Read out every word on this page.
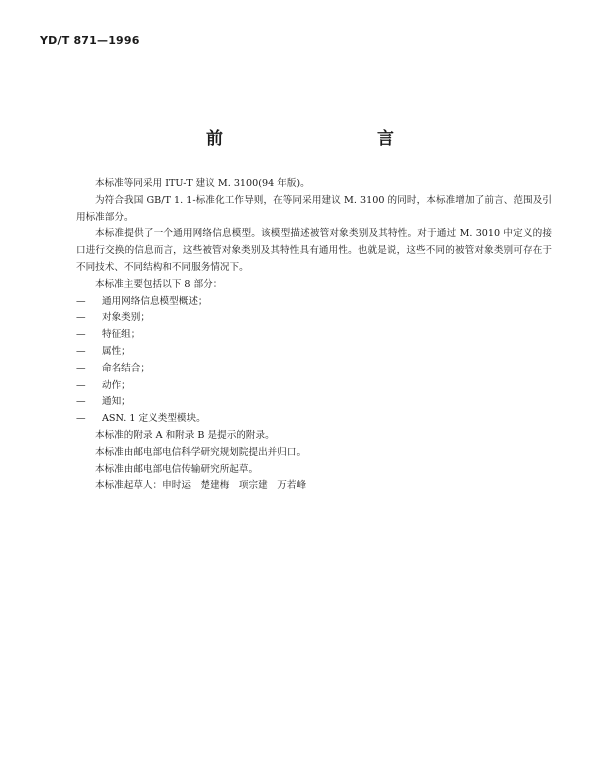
YD/T 871—1996
前　　言

本标准等同采用 ITU-T 建议 M. 3100(94 年版)。

为符合我国 GB/T 1. 1-标准化工作导则，在等同采用建议 M. 3100 的同时，本标准增加了前言、范围及引用标准部分。

本标准提供了一个通用网络信息模型。该模型描述被管对象类别及其特性。对于通过 M. 3010 中定义的接口进行交换的信息而言，这些被管对象类别及其特性具有通用性。也就是说，这些不同的被管对象类别可存在于不同技术、不同结构和不同服务情况下。

本标准主要包括以下 8 部分：

—	通用网络信息模型概述；
—	对象类别；
—	特征组；
—	属性；
—	命名结合；
—	动作；
—	通知；
—	ASN. 1 定义类型模块。

本标准的附录 A 和附录 B 是提示的附录。

本标准由邮电部电信科学研究规划院提出并归口。

本标准由邮电部电信传输研究所起草。

本标准起草人：申时运　楚建梅　项宗建　万若峰
